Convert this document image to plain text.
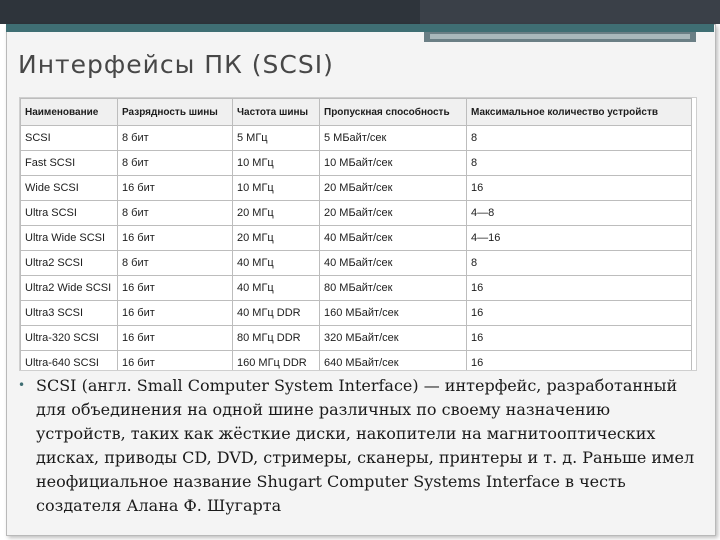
Интерфейсы ПК (SCSI)
Наименование	Разрядность шины	Частота шины	Пропускная способность	Максимальное количество устройств
SCSI	8 бит	5 МГц	5 МБайт/сек	8
Fast SCSI	8 бит	10 МГц	10 МБайт/сек	8
Wide SCSI	16 бит	10 МГц	20 МБайт/сек	16
Ultra SCSI	8 бит	20 МГц	20 МБайт/сек	4—8
Ultra Wide SCSI	16 бит	20 МГц	40 МБайт/сек	4—16
Ultra2 SCSI	8 бит	40 МГц	40 МБайт/сек	8
Ultra2 Wide SCSI	16 бит	40 МГц	80 МБайт/сек	16
Ultra3 SCSI	16 бит	40 МГц DDR	160 МБайт/сек	16
Ultra-320 SCSI	16 бит	80 МГц DDR	320 МБайт/сек	16
Ultra-640 SCSI	16 бит	160 МГц DDR	640 МБайт/сек	16
• SCSI (англ. Small Computer System Interface) — интерфейс, разработанный для объединения на одной шине различных по своему назначению устройств, таких как жёсткие диски, накопители на магнитооптических дисках, приводы CD, DVD, стримеры, сканеры, принтеры и т. д. Раньше имел неофициальное название Shugart Computer Systems Interface в честь создателя Алана Ф. Шугарта
